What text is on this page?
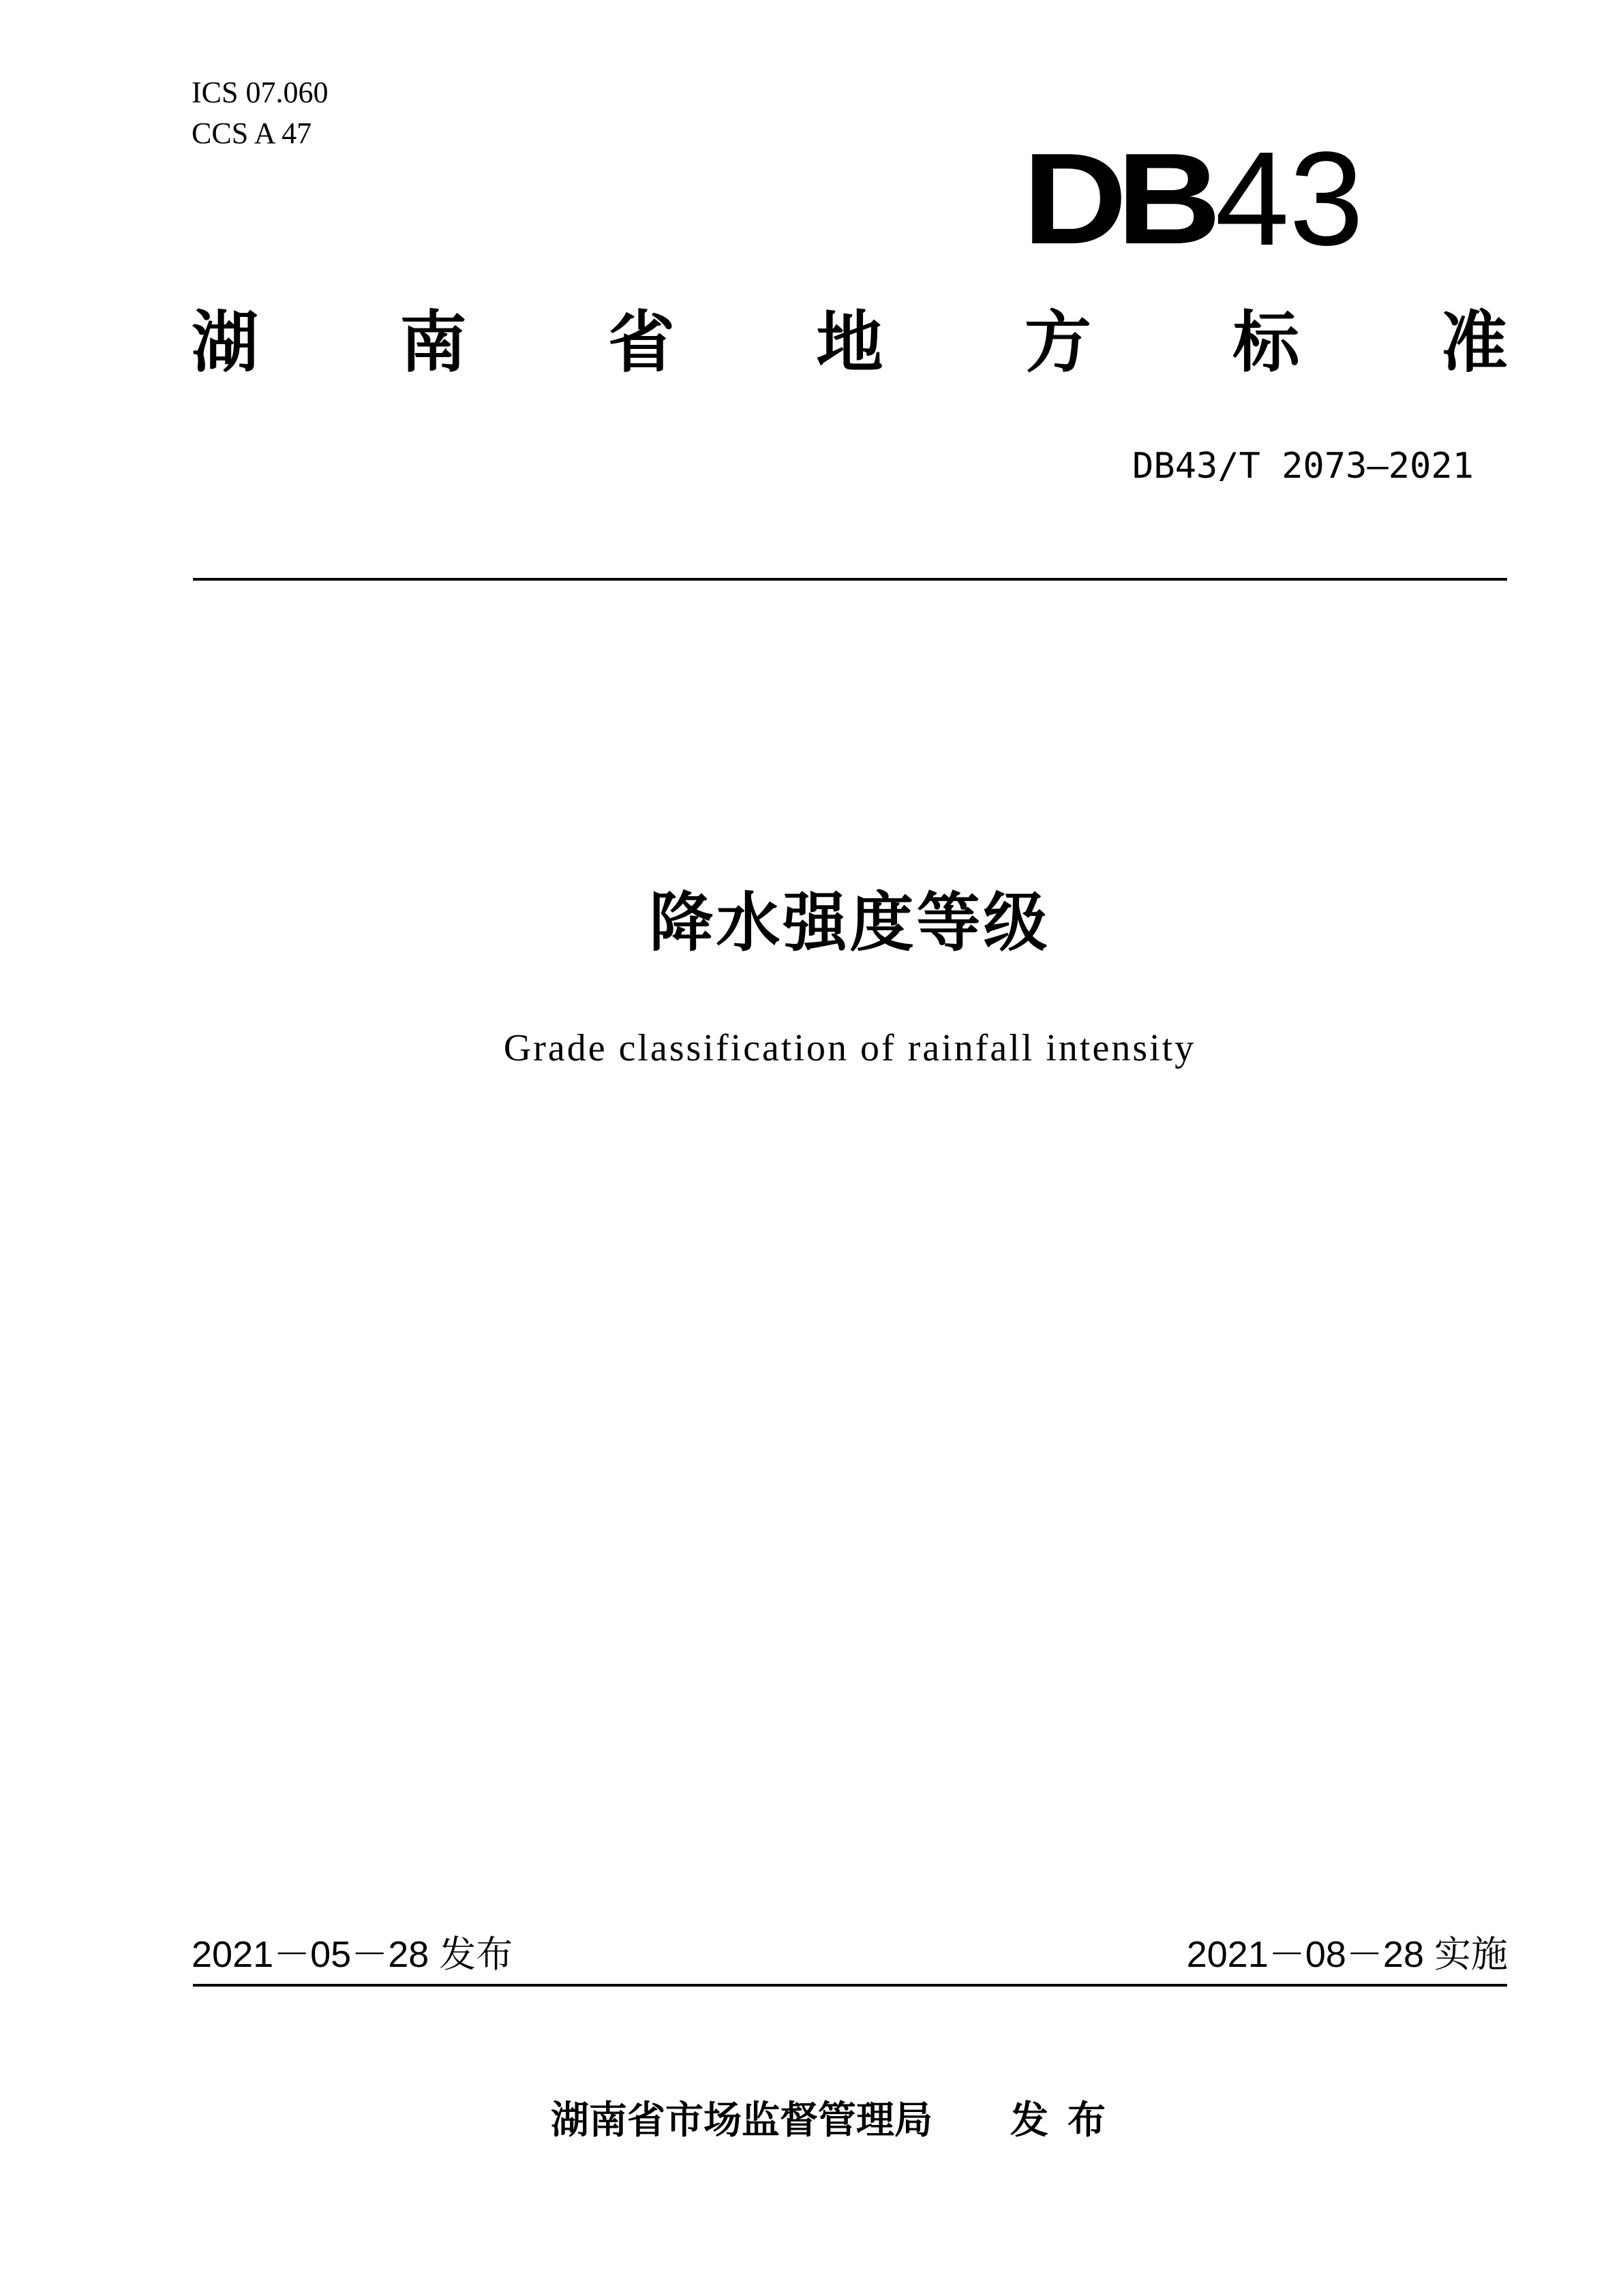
ICS 07.060
CCS A 47	DB 43
湖 南 省 地 方 标 准
DB43/T 2073—2021
降水强度等级
Grade classification of rainfall intensity
2021－05－28 发布	2021－08－28 实施
湖南省市场监督管理局 发布
